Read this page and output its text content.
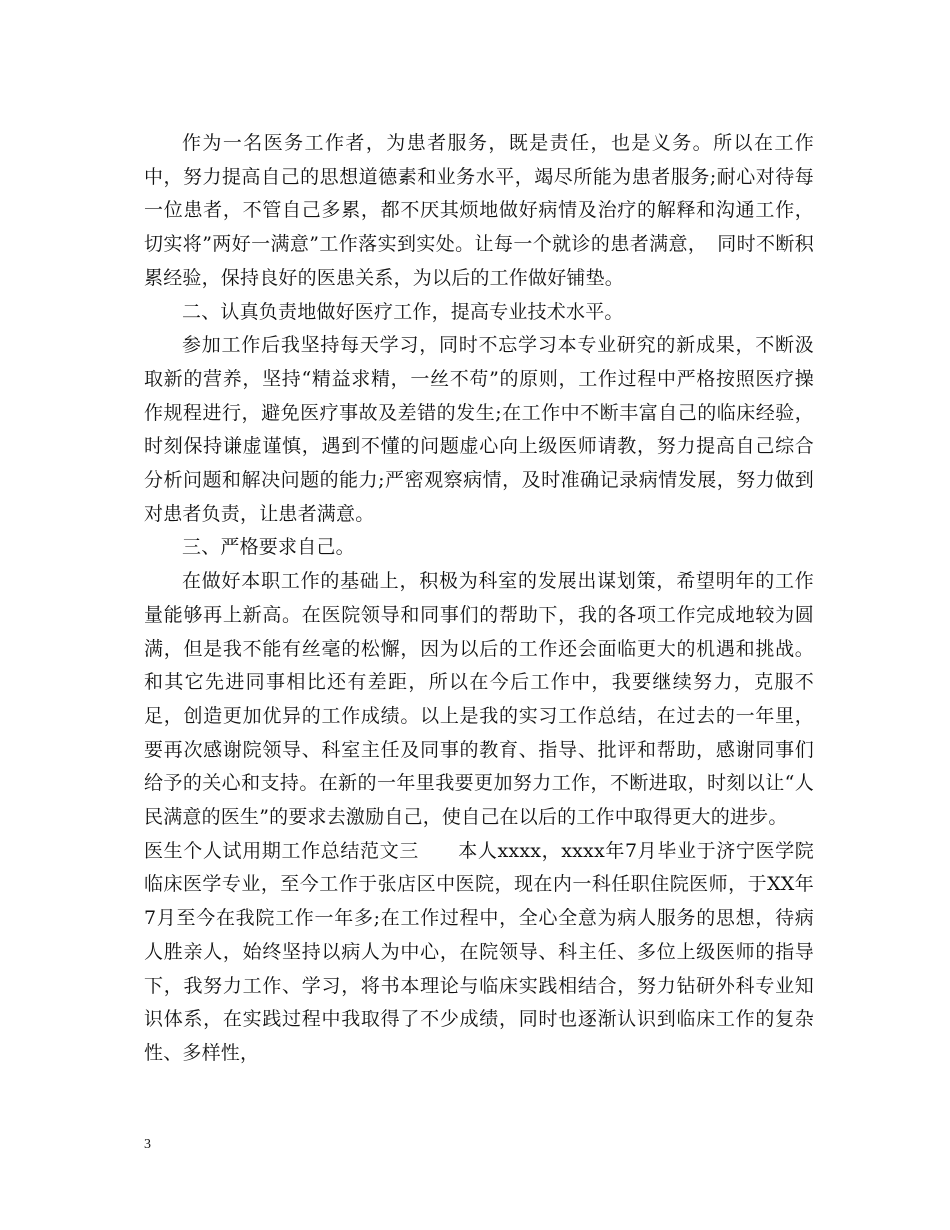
作为一名医务工作者，为患者服务，既是责任，也是义务。所以在工作中，努力提高自己的思想道德素和业务水平，竭尽所能为患者服务;耐心对待每一位患者，不管自己多累，都不厌其烦地做好病情及治疗的解释和沟通工作，切实将”两好一满意”工作落实到实处。让每一个就诊的患者满意，　同时不断积累经验，保持良好的医患关系，为以后的工作做好铺垫。

二、认真负责地做好医疗工作，提高专业技术水平。

参加工作后我坚持每天学习，同时不忘学习本专业研究的新成果，不断汲取新的营养，坚持“精益求精，一丝不苟”的原则，工作过程中严格按照医疗操作规程进行，避免医疗事故及差错的发生;在工作中不断丰富自己的临床经验，时刻保持谦虚谨慎，遇到不懂的问题虚心向上级医师请教，努力提高自己综合分析问题和解决问题的能力;严密观察病情，及时准确记录病情发展，努力做到对患者负责，让患者满意。

三、严格要求自己。

在做好本职工作的基础上，积极为科室的发展出谋划策，希望明年的工作量能够再上新高。在医院领导和同事们的帮助下，我的各项工作完成地较为圆满，但是我不能有丝毫的松懈，因为以后的工作还会面临更大的机遇和挑战。和其它先进同事相比还有差距，所以在今后工作中，我要继续努力，克服不足，创造更加优异的工作成绩。以上是我的实习工作总结，在过去的一年里，要再次感谢院领导、科室主任及同事的教育、指导、批评和帮助，感谢同事们给予的关心和支持。在新的一年里我要更加努力工作，不断进取，时刻以让“人民满意的医生”的要求去激励自己，使自己在以后的工作中取得更大的进步。

医生个人试用期工作总结范文三　　本人xxxx，xxxx年7月毕业于济宁医学院临床医学专业，至今工作于张店区中医院，现在内一科任职住院医师，于XX年7月至今在我院工作一年多;在工作过程中，全心全意为病人服务的思想，待病人胜亲人，始终坚持以病人为中心，在院领导、科主任、多位上级医师的指导下，我努力工作、学习，将书本理论与临床实践相结合，努力钻研外科专业知识体系，在实践过程中我取得了不少成绩，同时也逐渐认识到临床工作的复杂性、多样性，

3
